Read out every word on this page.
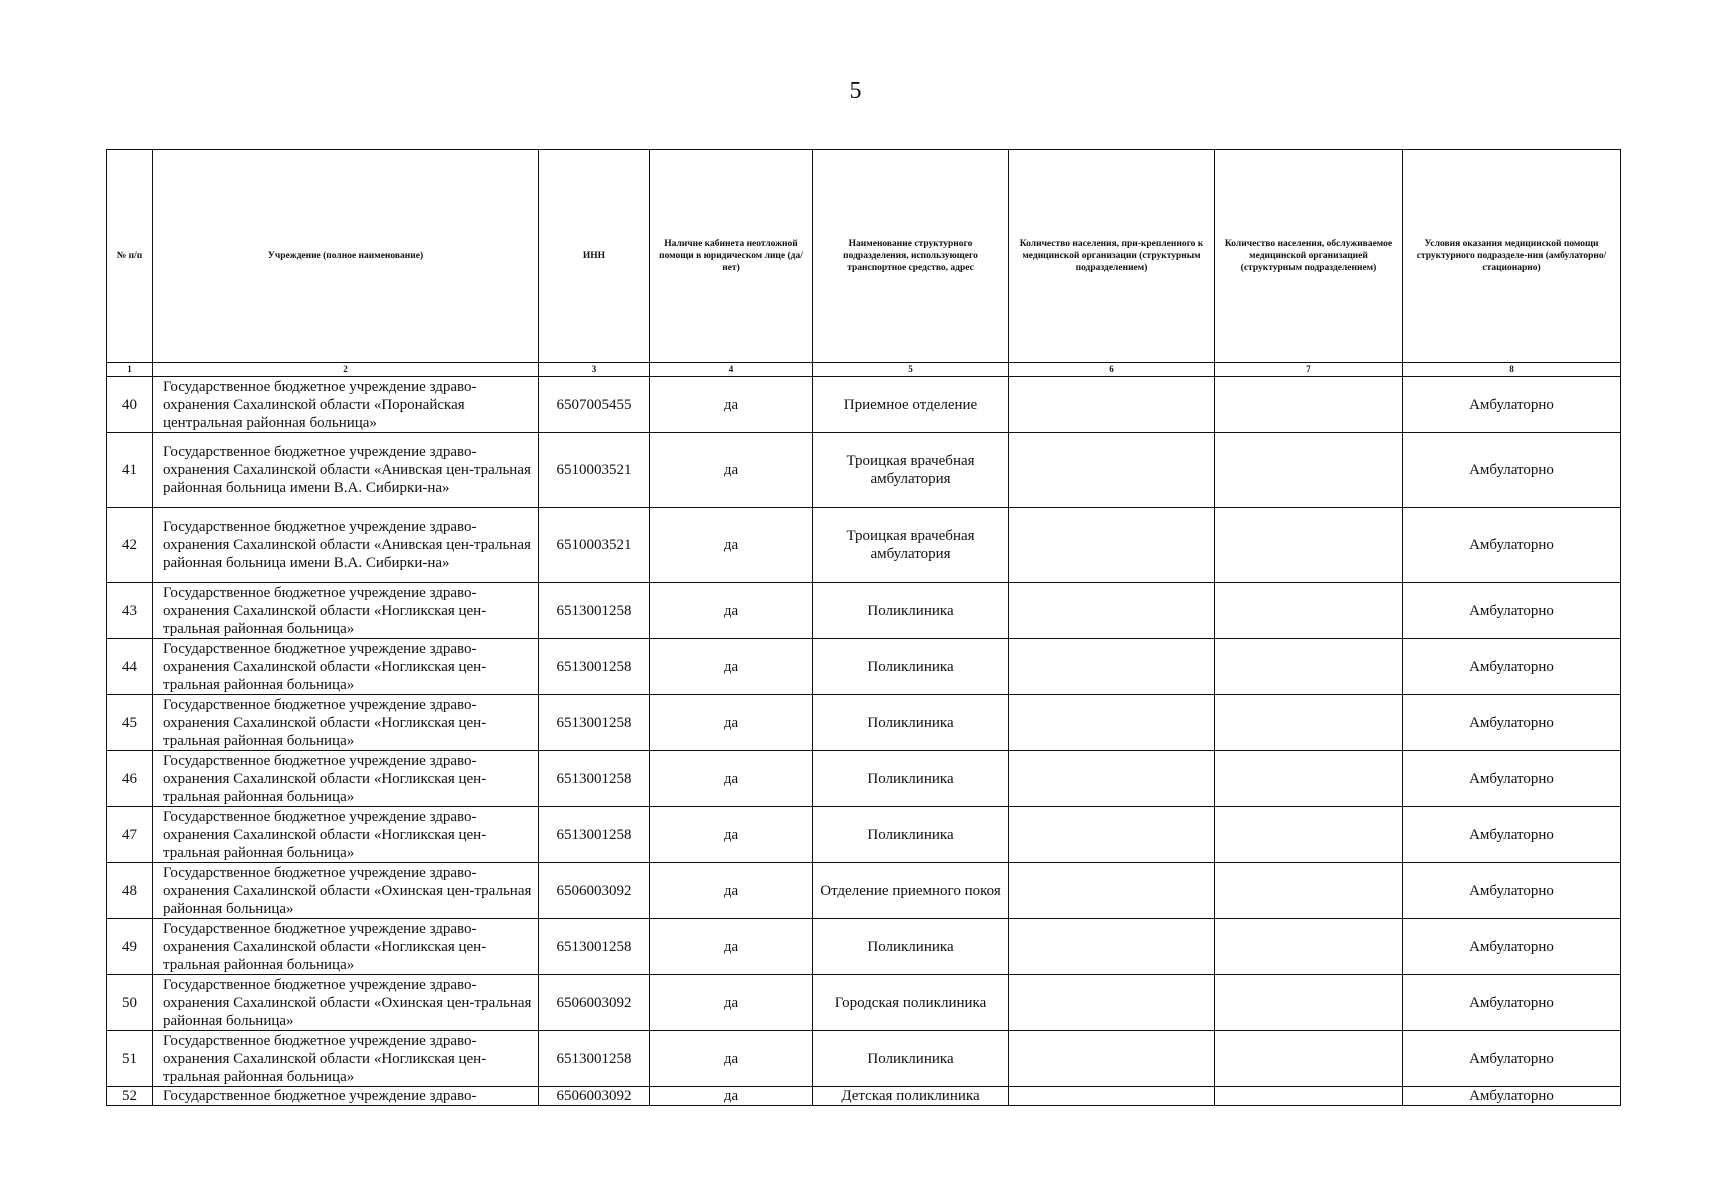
5
№ п/п	Учреждение (полное наименование)	ИНН	Наличие кабинета неотложной помощи в юридическом лице (да/нет)	Наименование структурного подразделения, использующего транспортное средство, адрес	Количество населения, при-крепленного к медицинской организации (структурным подразделением)	Количество населения, обслуживаемое медицинской организацией (структурным подразделением)	Условия оказания медицинской помощи структурного подразделе-ния (амбулаторно/ стационарно)
1	2	3	4	5	6	7	8
40	Государственное бюджетное учреждение здраво-охранения Сахалинской области «Поронайская центральная районная больница»	6507005455	да	Приемное отделение			Амбулаторно
41	Государственное бюджетное учреждение здраво-охранения Сахалинской области «Анивская цен-тральная районная больница имени В.А. Сибирки-на»	6510003521	да	Троицкая врачебная амбулатория			Амбулаторно
42	Государственное бюджетное учреждение здраво-охранения Сахалинской области «Анивская цен-тральная районная больница имени В.А. Сибирки-на»	6510003521	да	Троицкая врачебная амбулатория			Амбулаторно
43	Государственное бюджетное учреждение здраво-охранения Сахалинской области «Ногликская цен-тральная районная больница»	6513001258	да	Поликлиника			Амбулаторно
44	Государственное бюджетное учреждение здраво-охранения Сахалинской области «Ногликская цен-тральная районная больница»	6513001258	да	Поликлиника			Амбулаторно
45	Государственное бюджетное учреждение здраво-охранения Сахалинской области «Ногликская цен-тральная районная больница»	6513001258	да	Поликлиника			Амбулаторно
46	Государственное бюджетное учреждение здраво-охранения Сахалинской области «Ногликская цен-тральная районная больница»	6513001258	да	Поликлиника			Амбулаторно
47	Государственное бюджетное учреждение здраво-охранения Сахалинской области «Ногликская цен-тральная районная больница»	6513001258	да	Поликлиника			Амбулаторно
48	Государственное бюджетное учреждение здраво-охранения Сахалинской области «Охинская цен-тральная районная больница»	6506003092	да	Отделение приемного покоя			Амбулаторно
49	Государственное бюджетное учреждение здраво-охранения Сахалинской области «Ногликская цен-тральная районная больница»	6513001258	да	Поликлиника			Амбулаторно
50	Государственное бюджетное учреждение здраво-охранения Сахалинской области «Охинская цен-тральная районная больница»	6506003092	да	Городская поликлиника			Амбулаторно
51	Государственное бюджетное учреждение здраво-охранения Сахалинской области «Ногликская цен-тральная районная больница»	6513001258	да	Поликлиника			Амбулаторно
52	Государственное бюджетное учреждение здраво-	6506003092	да	Детская поликлиника			Амбулаторно
